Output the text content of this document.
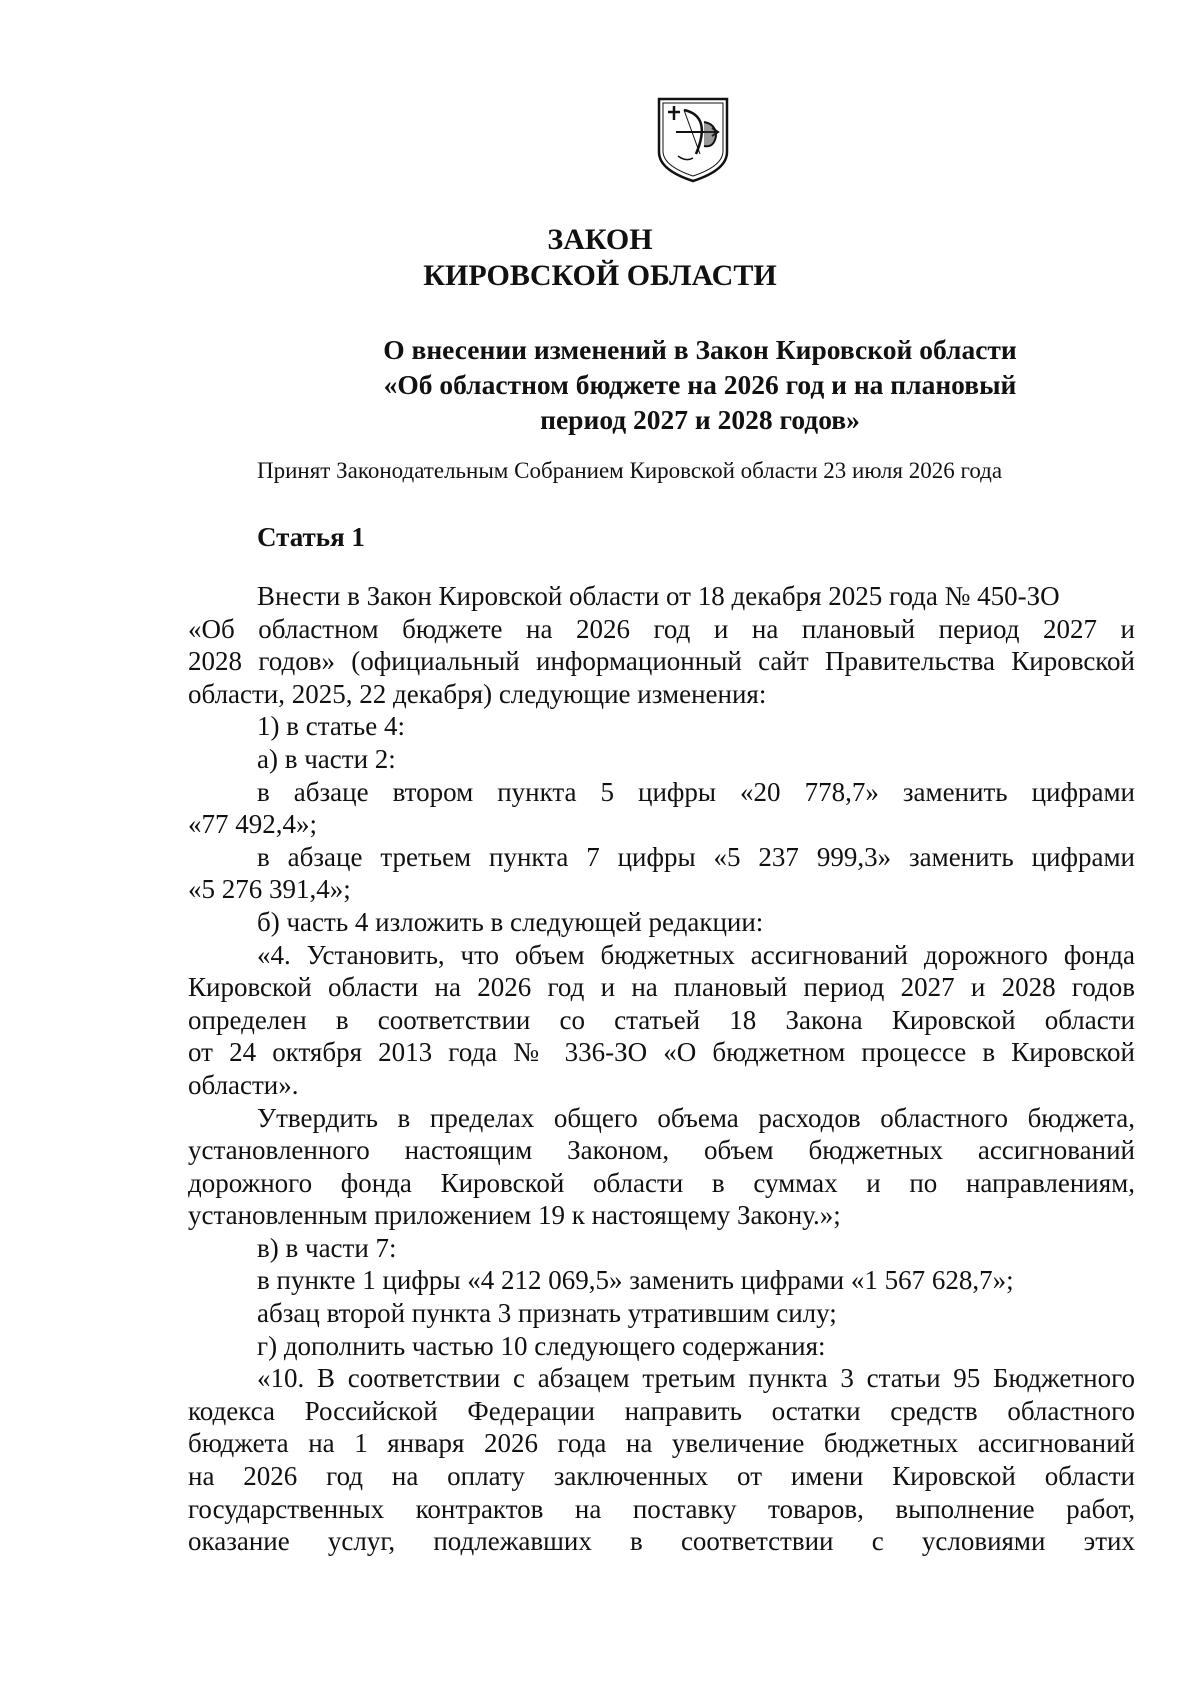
ЗАКОН
КИРОВСКОЙ ОБЛАСТИ
О внесении изменений в Закон Кировской области
«Об областном бюджете на 2026 год и на плановый
период 2027 и 2028 годов»
Принят Законодательным Собранием Кировской области 23 июля 2026 года
Статья 1
Внести в Закон Кировской области от 18 декабря 2025 года № 450-ЗО
«Об областном бюджете на 2026 год и на плановый период 2027 и
2028 годов» (официальный информационный сайт Правительства Кировской
области, 2025, 22 декабря) следующие изменения:
1) в статье 4:
а) в части 2:
в абзаце втором пункта 5 цифры «20 778,7» заменить цифрами
«77 492,4»;
в абзаце третьем пункта 7 цифры «5 237 999,3» заменить цифрами
«5 276 391,4»;
б) часть 4 изложить в следующей редакции:
«4. Установить, что объем бюджетных ассигнований дорожного фонда
Кировской области на 2026 год и на плановый период 2027 и 2028 годов
определен в соответствии со статьей 18 Закона Кировской области
от 24 октября 2013 года № 336-ЗО «О бюджетном процессе в Кировской
области».
Утвердить в пределах общего объема расходов областного бюджета,
установленного настоящим Законом, объем бюджетных ассигнований
дорожного фонда Кировской области в суммах и по направлениям,
установленным приложением 19 к настоящему Закону.»;
в) в части 7:
в пункте 1 цифры «4 212 069,5» заменить цифрами «1 567 628,7»;
абзац второй пункта 3 признать утратившим силу;
г) дополнить частью 10 следующего содержания:
«10. В соответствии с абзацем третьим пункта 3 статьи 95 Бюджетного
кодекса Российской Федерации направить остатки средств областного
бюджета на 1 января 2026 года на увеличение бюджетных ассигнований
на 2026 год на оплату заключенных от имени Кировской области
государственных контрактов на поставку товаров, выполнение работ,
оказание услуг, подлежавших в соответствии с условиями этих
